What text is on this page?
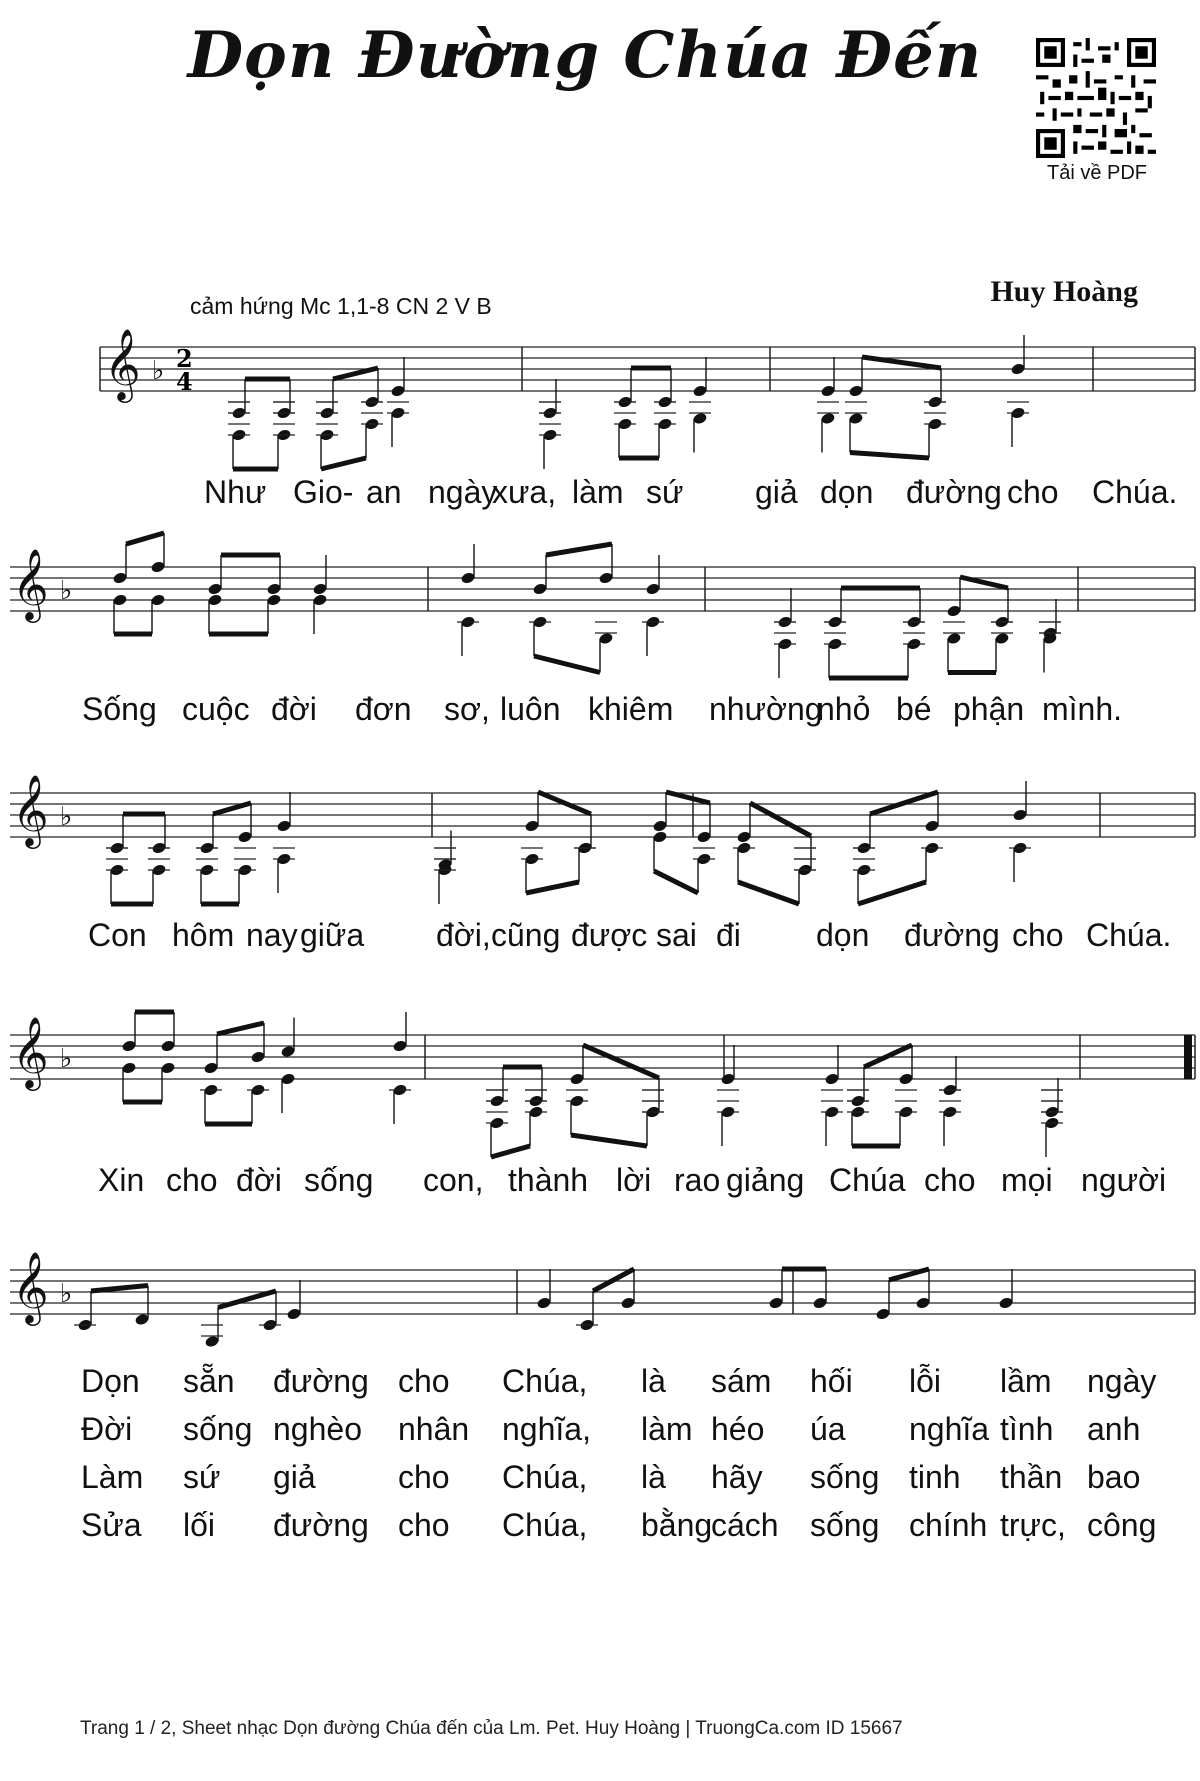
Dọn Đường Chúa Đến
Tải về PDF
cảm hứng Mc 1,1-8 CN 2 V B	Huy Hoàng
𝄞 ♭ 2
4
Như Gio- an ngày
xưa, làm sứ giả dọn đường cho Chúa.
𝄞 ♭
Sống cuộc đời đơn sơ, luôn khiêm nhường
nhỏ bé phận mình.
𝄞 ♭
Con hôm nay giữa đời, cũng được sai đi dọn đường cho Chúa.
𝄞 ♭
Xin cho đời sống con, thành lời rao giảng Chúa cho mọi người
𝄞 ♭
Dọn sẵn đường cho Chúa, là sám hối lỗi lầm ngày
Đời sống nghèo nhân nghĩa, làm héo úa nghĩa tình anh
Làm sứ giả	cho Chúa, là hãy sống tinh thần bao
Sửa lối đường cho Chúa, bằng
cách sống chính trực, công
Trang 1 / 2, Sheet nhạc Dọn đường Chúa đến của Lm. Pet. Huy Hoàng | TruongCa.com ID 15667
